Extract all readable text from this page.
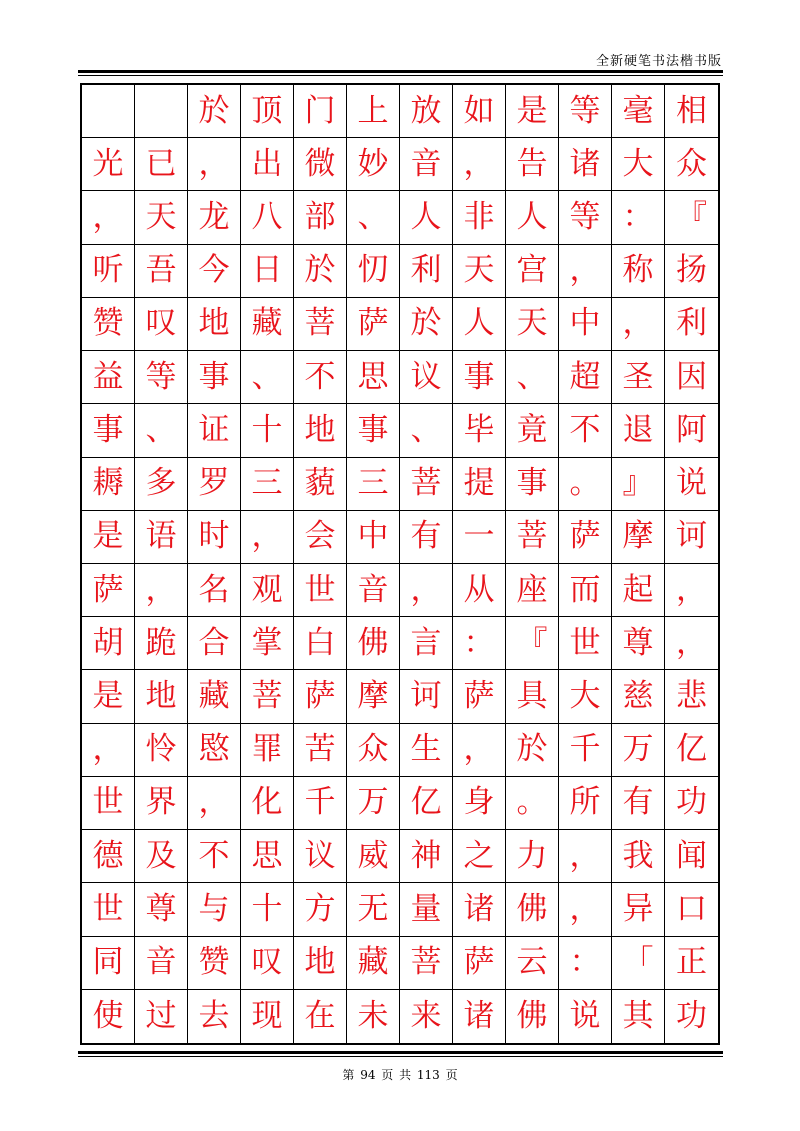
全新硬笔书法楷书版
於 顶 门 上 放 如 是 等 毫 相
光 已 ， 出 微 妙 音 ， 告 诸 大 众
， 天 龙 八 部 、 人 非 人 等 ： 『
听 吾 今 日 於 忉 利 天 宫 ， 称 扬
赞 叹 地 藏 菩 萨 於 人 天 中 ， 利
益 等 事 、 不 思 议 事 、 超 圣 因
事 、 证 十 地 事 、 毕 竟 不 退 阿
耨 多 罗 三 藐 三 菩 提 事 。 』 说
是 语 时 ， 会 中 有 一 菩 萨 摩 诃
萨 ， 名 观 世 音 ， 从 座 而 起 ，
胡 跪 合 掌 白 佛 言 ： 『 世 尊 ，
是 地 藏 菩 萨 摩 诃 萨 具 大 慈 悲
， 怜 愍 罪 苦 众 生 ， 於 千 万 亿
世 界 ， 化 千 万 亿 身 。 所 有 功
德 及 不 思 议 威 神 之 力 ， 我 闻
世 尊 与 十 方 无 量 诸 佛 ， 异 口
同 音 赞 叹 地 藏 菩 萨 云 ： 「 正
使 过 去 现 在 未 来 诸 佛 说 其 功
第 94 页 共 113 页
